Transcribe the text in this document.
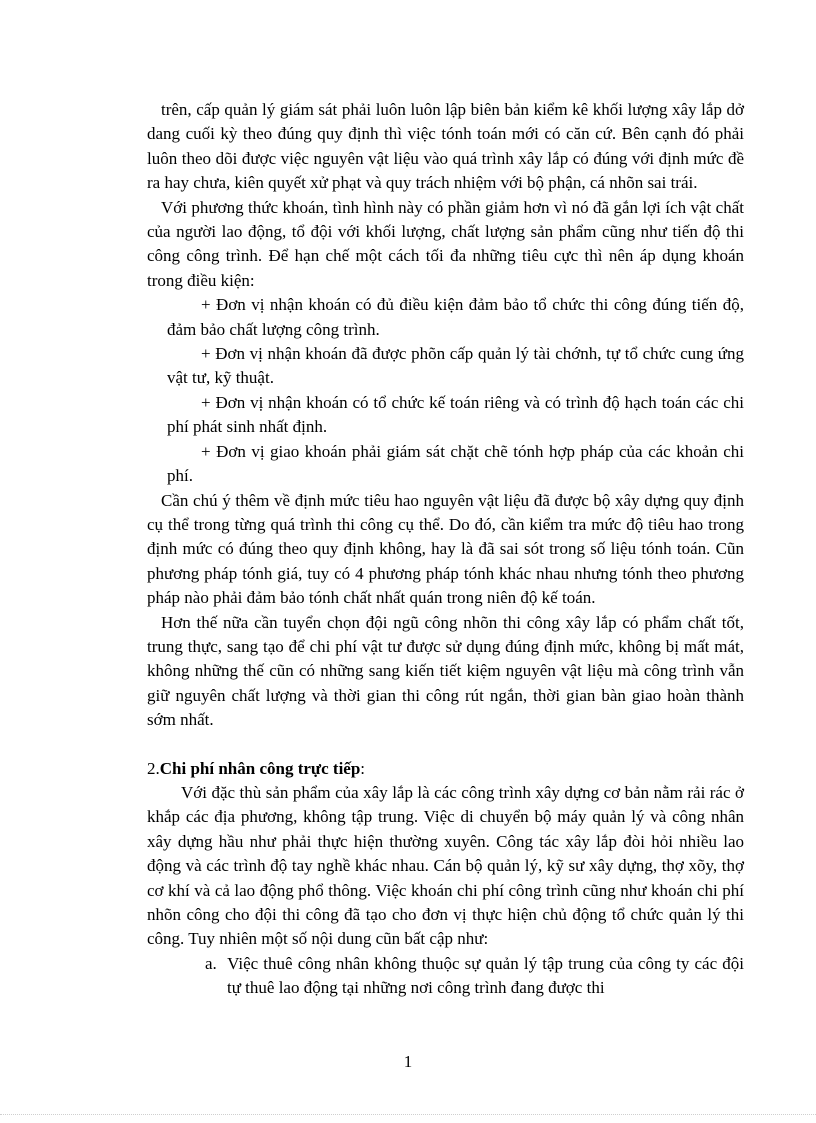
trên, cấp quản lý giám sát phải luôn luôn lập biên bản kiểm kê khối lượng xây lắp dở dang cuối kỳ theo đúng quy định thì việc tónh toán mới có căn cứ. Bên cạnh đó phải luôn theo dõi được việc nguyên vật liệu vào quá trình xây lắp có đúng với định mức đề ra hay chưa, kiên quyết xử phạt và quy trách nhiệm với bộ phận, cá nhõn sai trái.

Với phương thức khoán, tình hình này có phần giảm hơn vì nó đã gắn lợi ích vật chất của người lao động, tổ đội với khối lượng, chất lượng sản phẩm cũng như tiến độ thi công công trình. Để hạn chế một cách tối đa những tiêu cực thì nên áp dụng khoán trong điều kiện:

+ Đơn vị nhận khoán có đủ điều kiện đảm bảo tổ chức thi công đúng tiến độ, đảm bảo chất lượng công trình.

+ Đơn vị nhận khoán đã được phõn cấp quản lý tài chớnh, tự tổ chức cung ứng vật tư, kỹ thuật.

+ Đơn vị nhận khoán có tổ chức kế toán riêng và có trình độ hạch toán các chi phí phát sinh nhất định.

+ Đơn vị giao khoán phải giám sát chặt chẽ tónh hợp pháp của các khoản chi phí.

Cần chú ý thêm về định mức tiêu hao nguyên vật liệu đã được bộ xây dựng quy định cụ thể trong từng quá trình thi công cụ thể. Do đó, cần kiểm tra mức độ tiêu hao trong định mức có đúng theo quy định không, hay là đã sai sót trong số liệu tónh toán. Cũn phương pháp tónh giá, tuy có 4 phương pháp tónh khác nhau nhưng tónh theo phương pháp nào phải đảm bảo tónh chất nhất quán trong niên độ kế toán.

Hơn thế nữa cần tuyển chọn đội ngũ công nhõn thi công xây lắp có phẩm chất tốt, trung thực, sang tạo để chi phí vật tư được sử dụng đúng định mức, không bị mất mát, không những thế cũn có những sang kiến tiết kiệm nguyên vật liệu mà công trình vẫn giữ nguyên chất lượng và thời gian thi công rút ngắn, thời gian bàn giao hoàn thành sớm nhất.

2.Chi phí nhân công trực tiếp:

Với đặc thù sản phẩm của xây lắp là các công trình xây dựng cơ bản nằm rải rác ở khắp các địa phương, không tập trung. Việc di chuyển bộ máy quản lý và công nhân xây dựng hầu như phải thực hiện thường xuyên. Công tác xây lắp đòi hỏi nhiều lao động và các trình độ tay nghề khác nhau. Cán bộ quản lý, kỹ sư xây dựng, thợ xõy, thợ cơ khí và cả lao động phổ thông. Việc khoán chi phí công trình cũng như khoán chi phí nhõn công cho đội thi công đã tạo cho đơn vị thực hiện chủ động tổ chức quản lý thi công. Tuy nhiên một số nội dung cũn bất cập như:

a.  Việc thuê công nhân không thuộc sự quản lý tập trung của công ty các đội tự thuê lao động tại những nơi công trình đang được thi

1
